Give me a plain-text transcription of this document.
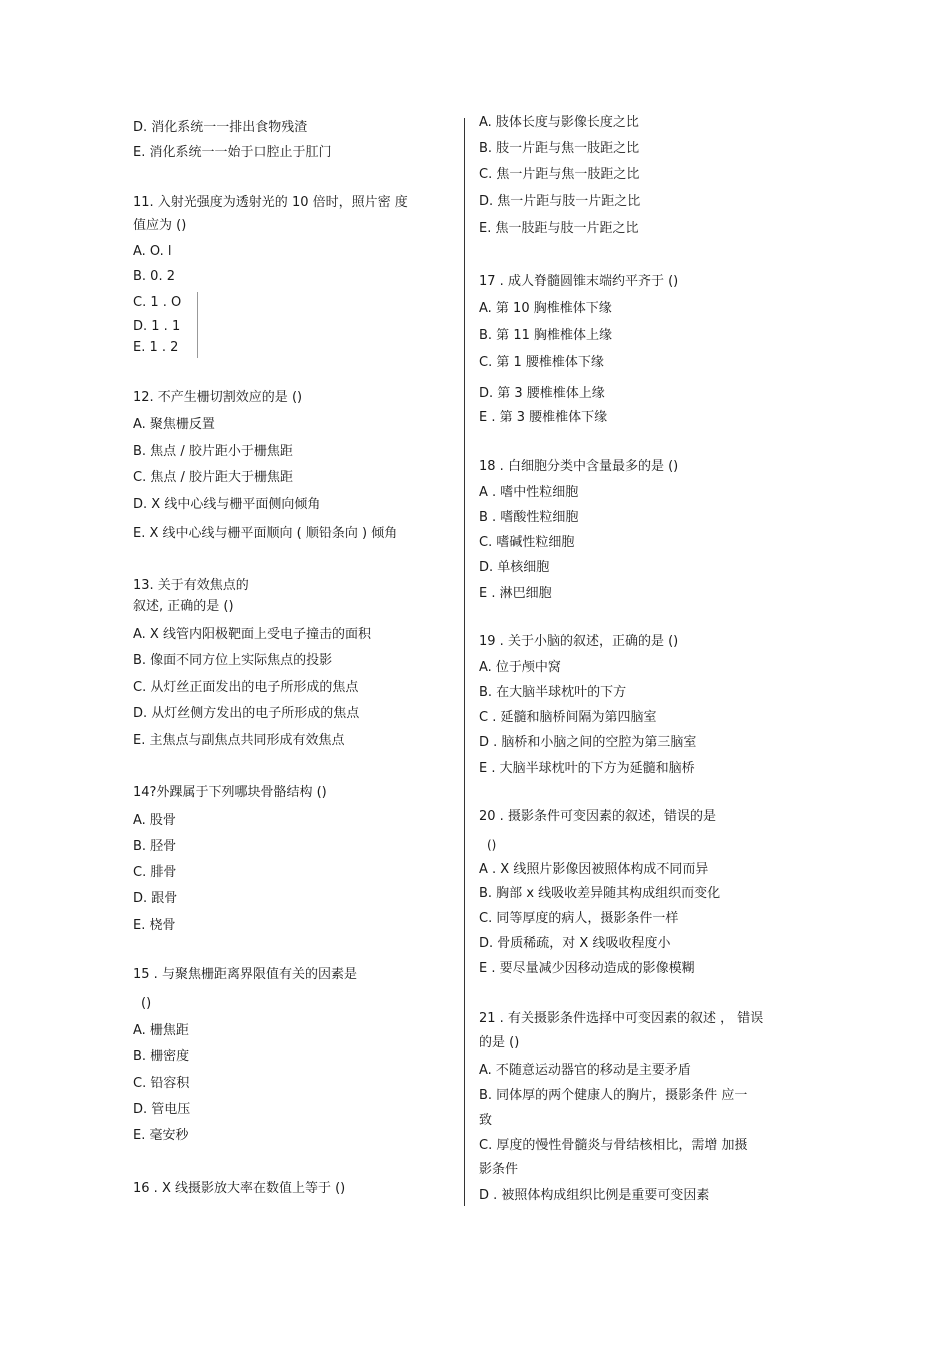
D. 消化系统一一排出食物残渣
E. 消化系统一一始于口腔止于肛门
11. 入射光强度为透射光的 10 倍时，照片密 度
值应为 ()
A. O. l
B. 0. 2
C. 1 . O
D. 1 . 1
E. 1 . 2
12. 不产生栅切割效应的是 ()
A. 聚焦栅反置
B. 焦点 / 胶片距小于栅焦距
C. 焦点 / 胶片距大于栅焦距
D. X 线中心线与栅平面侧向倾角
E. X 线中心线与栅平面顺向 ( 顺铅条向 ) 倾角
13. 关于有效焦点的
叙述, 正确的是 ()
A. X 线管内阳极靶面上受电子撞击的面积
B. 像面不同方位上实际焦点的投影
C. 从灯丝正面发出的电子所形成的焦点
D. 从灯丝侧方发出的电子所形成的焦点
E. 主焦点与副焦点共同形成有效焦点
14?外踝属于下列哪块骨骼结构 ()
A. 股骨
B. 胫骨
C. 腓骨
D. 跟骨
E. 桡骨
15 . 与聚焦栅距离界限值有关的因素是
()
A. 栅焦距
B. 栅密度
C. 铅容积
D. 管电压
E. 毫安秒
16 . X 线摄影放大率在数值上等于 ()
A. 肢体长度与影像长度之比
B. 肢一片距与焦一肢距之比
C. 焦一片距与焦一肢距之比
D. 焦一片距与肢一片距之比
E. 焦一肢距与肢一片距之比
17 . 成人脊髓圆锥末端约平齐于 ()
A. 第 10 胸椎椎体下缘
B. 第 11 胸椎椎体上缘
C. 第 1 腰椎椎体下缘
D. 第 3 腰椎椎体上缘
E . 第 3 腰椎椎体下缘
18 . 白细胞分类中含量最多的是 ()
A . 嗜中性粒细胞
B . 嗜酸性粒细胞
C. 嗜碱性粒细胞
D. 单核细胞
E . 淋巴细胞
19 . 关于小脑的叙述，正确的是 ()
A. 位于颅中窝
B. 在大脑半球枕叶的下方
C . 延髓和脑桥间隔为第四脑室
D . 脑桥和小脑之间的空腔为第三脑室
E . 大脑半球枕叶的下方为延髓和脑桥
20 . 摄影条件可变因素的叙述，错误的是
()
A . X 线照片影像因被照体构成不同而异
B. 胸部 x 线吸收差异随其构成组织而变化
C. 同等厚度的病人，摄影条件一样
D. 骨质稀疏，对 X 线吸收程度小
E . 要尽量减少因移动造成的影像模糊
21 . 有关摄影条件选择中可变因素的叙述 ， 错误
的是 ()
A. 不随意运动器官的移动是主要矛盾
B. 同体厚的两个健康人的胸片，摄影条件 应一
致
C. 厚度的慢性骨髓炎与骨结核相比，需增 加摄
影条件
D . 被照体构成组织比例是重要可变因素
